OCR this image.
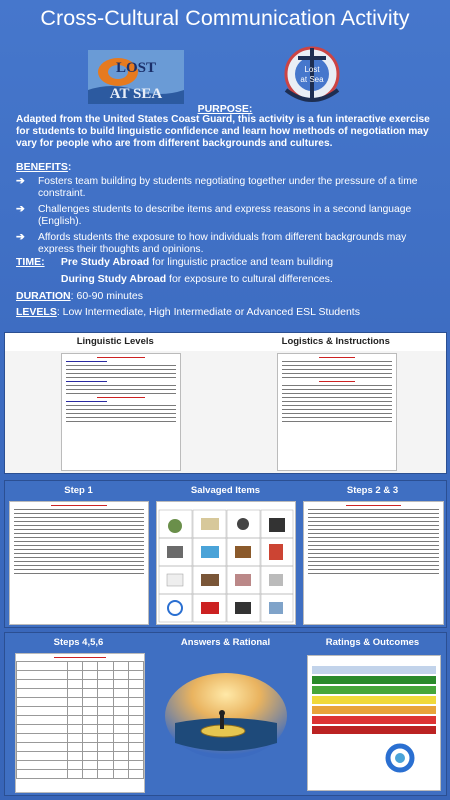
Cross-Cultural Communication Activity
LOST
AT SEA
Lost
at Sea
PURPOSE:
Adapted from the United States Coast Guard, this activity is a fun interactive exercise for students to build linguistic confidence and learn how methods of negotiation may vary for people who are from different backgrounds and cultures.
BENEFITS:
➔	Fosters team building by students negotiating together under the pressure of a time constraint.
➔	Challenges students to describe items and express reasons in a second language (English).
➔	Affords students the exposure to how individuals from different backgrounds may express their thoughts and opinions.
TIME: Pre Study Abroad for linguistic practice and team building
During Study Abroad for exposure to cultural differences.
DURATION: 60-90 minutes
LEVELS: Low Intermediate, High Intermediate or Advanced ESL Students
Linguistic Levels	Logistics & Instructions
Step 1	Salvaged Items	Steps 2 & 3
Steps 4,5,6	Answers & Rational	Ratings & Outcomes
